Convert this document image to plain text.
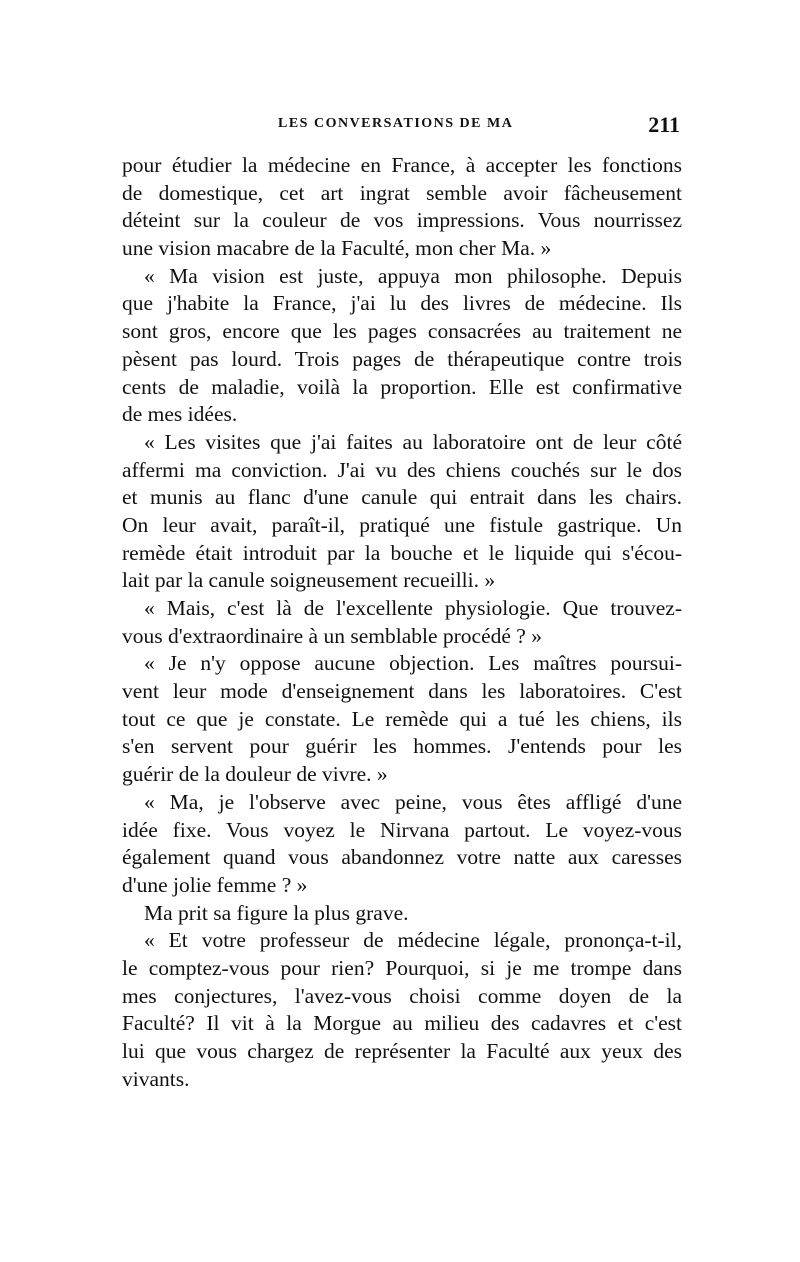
LES CONVERSATIONS DE MA	211
pour étudier la médecine en France, à accepter les fonctions
de domestique, cet art ingrat semble avoir fâcheusement
déteint sur la couleur de vos impressions. Vous nourrissez
une vision macabre de la Faculté, mon cher Ma. »
« Ma vision est juste, appuya mon philosophe. Depuis
que j'habite la France, j'ai lu des livres de médecine. Ils
sont gros, encore que les pages consacrées au traitement ne
pèsent pas lourd. Trois pages de thérapeutique contre trois
cents de maladie, voilà la proportion. Elle est confirmative
de mes idées.
« Les visites que j'ai faites au laboratoire ont de leur côté
affermi ma conviction. J'ai vu des chiens couchés sur le dos
et munis au flanc d'une canule qui entrait dans les chairs.
On leur avait, paraît-il, pratiqué une fistule gastrique. Un
remède était introduit par la bouche et le liquide qui s'écou-
lait par la canule soigneusement recueilli. »
« Mais, c'est là de l'excellente physiologie. Que trouvez-
vous d'extraordinaire à un semblable procédé ? »
« Je n'y oppose aucune objection. Les maîtres poursui-
vent leur mode d'enseignement dans les laboratoires. C'est
tout ce que je constate. Le remède qui a tué les chiens, ils
s'en servent pour guérir les hommes. J'entends pour les
guérir de la douleur de vivre. »
« Ma, je l'observe avec peine, vous êtes affligé d'une
idée fixe. Vous voyez le Nirvana partout. Le voyez-vous
également quand vous abandonnez votre natte aux caresses
d'une jolie femme ? »
Ma prit sa figure la plus grave.
« Et votre professeur de médecine légale, prononça-t-il,
le comptez-vous pour rien? Pourquoi, si je me trompe dans
mes conjectures, l'avez-vous choisi comme doyen de la
Faculté? Il vit à la Morgue au milieu des cadavres et c'est
lui que vous chargez de représenter la Faculté aux yeux des
vivants.
